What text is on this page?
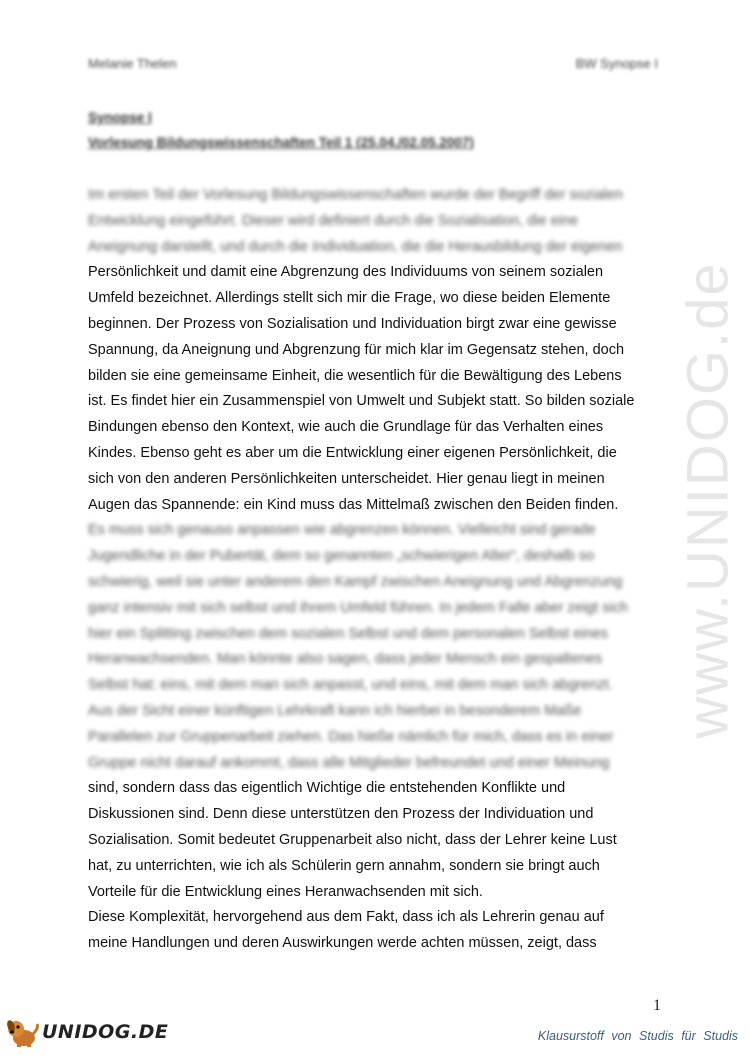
www.UNIDOG.de
Melanie Thelen	BW Synopse I
Synopse I
Vorlesung Bildungswissenschaften Teil 1 (25.04./02.05.2007)
Im ersten Teil der Vorlesung Bildungswissenschaften wurde der Begriff der sozialen
Entwicklung eingeführt. Dieser wird definiert durch die Sozialisation, die eine
Aneignung darstellt, und durch die Individuation, die die Herausbildung der eigenen
Persönlichkeit und damit eine Abgrenzung des Individuums von seinem sozialen
Umfeld bezeichnet. Allerdings stellt sich mir die Frage, wo diese beiden Elemente
beginnen. Der Prozess von Sozialisation und Individuation birgt zwar eine gewisse
Spannung, da Aneignung und Abgrenzung für mich klar im Gegensatz stehen, doch
bilden sie eine gemeinsame Einheit, die wesentlich für die Bewältigung des Lebens
ist. Es findet hier ein Zusammenspiel von Umwelt und Subjekt statt. So bilden soziale
Bindungen ebenso den Kontext, wie auch die Grundlage für das Verhalten eines
Kindes. Ebenso geht es aber um die Entwicklung einer eigenen Persönlichkeit, die
sich von den anderen Persönlichkeiten unterscheidet. Hier genau liegt in meinen
Augen das Spannende: ein Kind muss das Mittelmaß zwischen den Beiden finden.
Es muss sich genauso anpassen wie abgrenzen können. Vielleicht sind gerade
Jugendliche in der Pubertät, dem so genannten „schwierigen Alter“, deshalb so
schwierig, weil sie unter anderem den Kampf zwischen Aneignung und Abgrenzung
ganz intensiv mit sich selbst und ihrem Umfeld führen. In jedem Falle aber zeigt sich
hier ein Splitting zwischen dem sozialen Selbst und dem personalen Selbst eines
Heranwachsenden. Man könnte also sagen, dass jeder Mensch ein gespaltenes
Selbst hat: eins, mit dem man sich anpasst, und eins, mit dem man sich abgrenzt.
Aus der Sicht einer künftigen Lehrkraft kann ich hierbei in besonderem Maße
Parallelen zur Gruppenarbeit ziehen. Das hieße nämlich für mich, dass es in einer
Gruppe nicht darauf ankommt, dass alle Mitglieder befreundet und einer Meinung
sind, sondern dass das eigentlich Wichtige die entstehenden Konflikte und
Diskussionen sind. Denn diese unterstützen den Prozess der Individuation und
Sozialisation. Somit bedeutet Gruppenarbeit also nicht, dass der Lehrer keine Lust
hat, zu unterrichten, wie ich als Schülerin gern annahm, sondern sie bringt auch
Vorteile für die Entwicklung eines Heranwachsenden mit sich.
Diese Komplexität, hervorgehend aus dem Fakt, dass ich als Lehrerin genau auf
meine Handlungen und deren Auswirkungen werde achten müssen, zeigt, dass
1
UNIDOG.DE	Klausurstoff von Studis für Studis
